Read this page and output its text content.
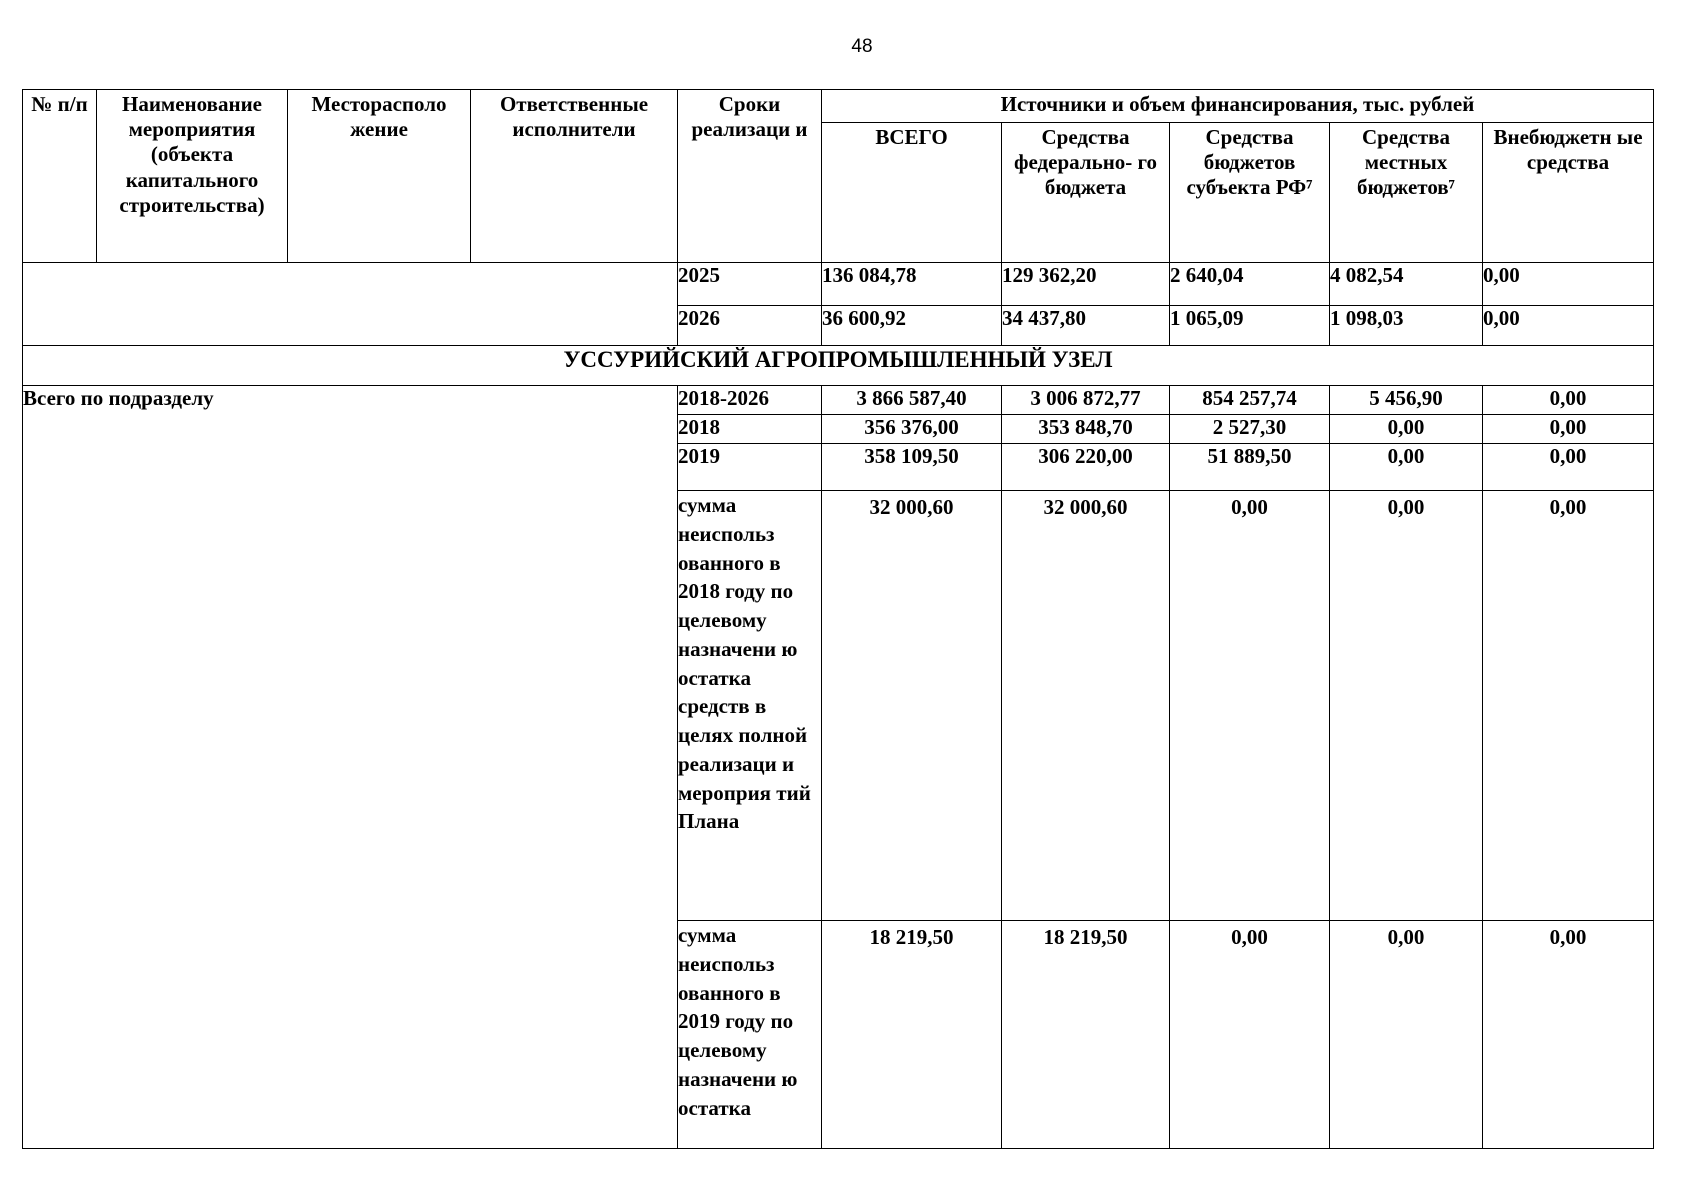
48
№ п/п	Наименование мероприятия (объекта капитального строительства)	Месторасполо жение	Ответственные исполнители	Сроки реализаци и	Источники и объем финансирования, тыс. рублей				
					ВСЕГО	Средства федерально- го бюджета	Средства бюджетов субъекта РФ⁷	Средства местных бюджетов⁷	Внебюджетн ые средства
				2025	136 084,78	129 362,20	2 640,04	4 082,54	0,00
				2026	36 600,92	34 437,80	1 065,09	1 098,03	0,00
УССУРИЙСКИЙ АГРОПРОМЫШЛЕННЫЙ УЗЕЛ									
Всего по подразделу				2018-2026	3 866 587,40	3 006 872,77	854 257,74	5 456,90	0,00
				2018	356 376,00	353 848,70	2 527,30	0,00	0,00
				2019	358 109,50	306 220,00	51 889,50	0,00	0,00
				сумма неиспольз ованного в 2018 году по целевому назначени ю остатка средств в целях полной реализаци и мероприя тий Плана	32 000,60	32 000,60	0,00	0,00	0,00

				сумма неиспольз ованного в 2019 году по целевому назначени ю остатка	18 219,50	18 219,50	0,00	0,00	0,00
